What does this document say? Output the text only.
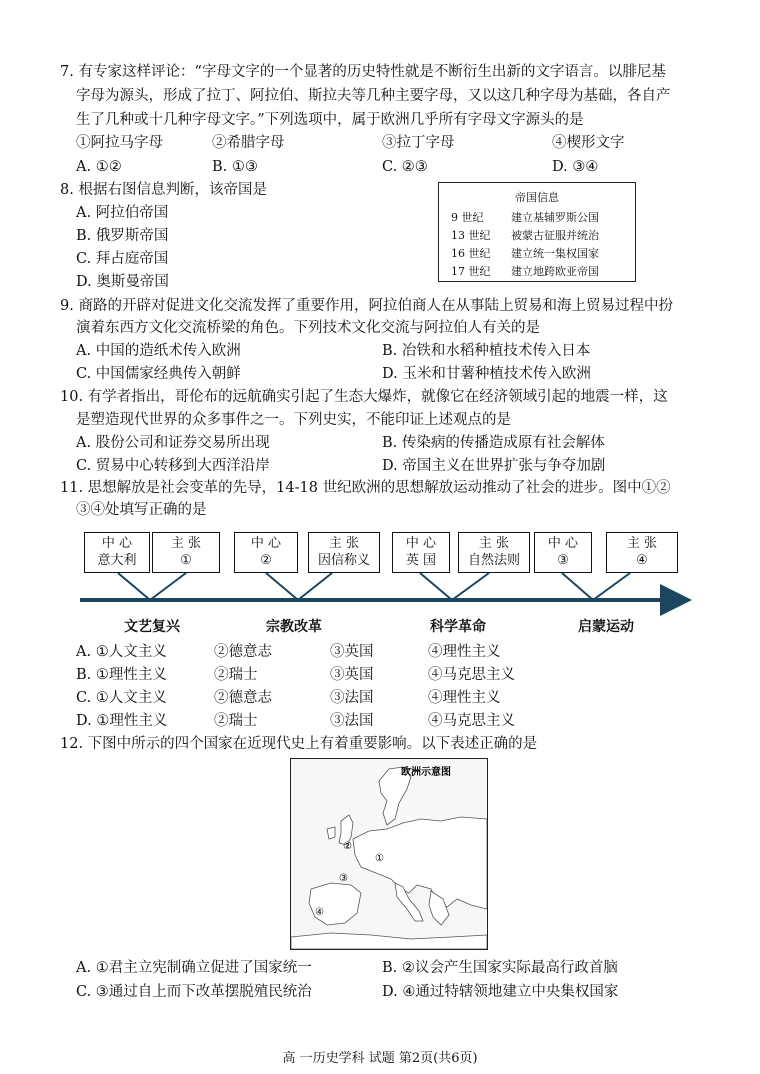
7. 有专家这样评论：“字母文字的一个显著的历史特性就是不断衍生出新的文字语言。以腓尼基
字母为源头，形成了拉丁、阿拉伯、斯拉夫等几种主要字母，又以这几种字母为基础，各自产
生了几种或十几种字母文字。”下列选项中，属于欧洲几乎所有字母文字源头的是
①阿拉马字母	②希腊字母	③拉丁字母	④楔形文字
A. ①②	B. ①③	C. ②③	D. ③④
8. 根据右图信息判断，该帝国是
A. 阿拉伯帝国
B. 俄罗斯帝国
C. 拜占庭帝国
D. 奥斯曼帝国
帝国信息
9 世纪	建立基辅罗斯公国
13 世纪 被蒙古征服并统治
16 世纪 建立统一集权国家
17 世纪 建立地跨欧亚帝国
9. 商路的开辟对促进文化交流发挥了重要作用，阿拉伯商人在从事陆上贸易和海上贸易过程中扮
演着东西方文化交流桥梁的角色。下列技术文化交流与阿拉伯人有关的是
A. 中国的造纸术传入欧洲	B. 冶铁和水稻种植技术传入日本
C. 中国儒家经典传入朝鲜	D. 玉米和甘薯种植技术传入欧洲
10. 有学者指出，哥伦布的远航确实引起了生态大爆炸，就像它在经济领域引起的地震一样，这
是塑造现代世界的众多事件之一。下列史实，不能印证上述观点的是
A. 股份公司和证券交易所出现	B. 传染病的传播造成原有社会解体
C. 贸易中心转移到大西洋沿岸	D. 帝国主义在世界扩张与争夺加剧
11. 思想解放是社会变革的先导，14-18 世纪欧洲的思想解放运动推动了社会的进步。图中①②
③④处填写正确的是
中 心
意大利
主 张
①
中 心
②
主 张
因信称义
中 心
英 国
主 张
自然法则
中 心
③
主 张
④
文艺复兴	宗教改革	科学革命	启蒙运动
A. ①人文主义	②德意志	③英国	④理性主义
B. ①理性主义	②瑞士	③英国	④马克思主义
C. ①人文主义	②德意志	③法国	④理性主义
D. ①理性主义	②瑞士	③法国	④马克思主义
12. 下图中所示的四个国家在近现代史上有着重要影响。以下表述正确的是
欧洲示意图
①
②
③
④
A. ①君主立宪制确立促进了国家统一	B. ②议会产生国家实际最高行政首脑
C. ③通过自上而下改革摆脱殖民统治	D. ④通过特辖领地建立中央集权国家
高 一历史学科 试题 第2页(共6页)
